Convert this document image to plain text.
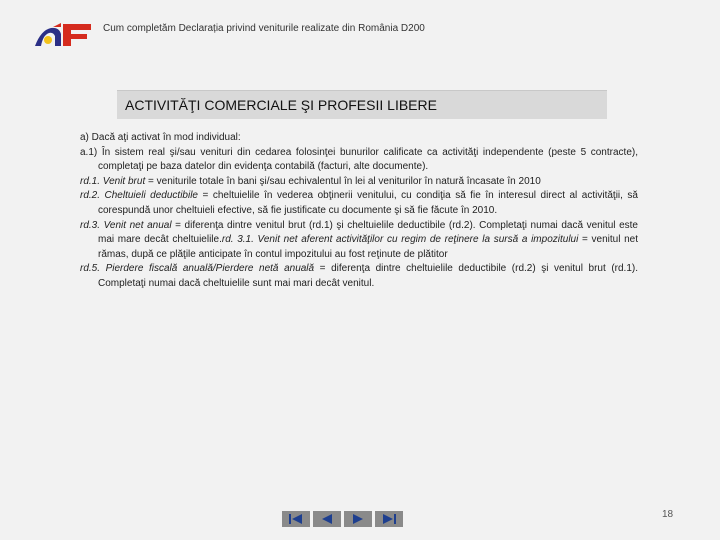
Cum completăm Declarația privind veniturile realizate din România D200
ACTIVITĂŢI COMERCIALE ŞI PROFESII LIBERE

a) Dacă aţi activat în mod individual:

a.1) În sistem real şi/sau venituri din cedarea folosinţei bunurilor calificate ca activităţi independente (peste 5 contracte), completaţi pe baza datelor din evidenţa contabilă (facturi, alte documente).

rd.1. Venit brut = veniturile totale în bani şi/sau echivalentul în lei al veniturilor în natură încasate în 2010

rd.2. Cheltuieli deductibile = cheltuielile în vederea obţinerii venitului, cu condiţia să fie în interesul direct al activităţii, să corespundă unor cheltuieli efective, să fie justificate cu documente şi să fie făcute în 2010.

rd.3. Venit net anual = diferenţa dintre venitul brut (rd.1) şi cheltuielile deductibile (rd.2). Completaţi numai dacă venitul este mai mare decât cheltuielile.rd. 3.1. Venit net aferent activităţilor cu regim de reţinere la sursă a impozitului = venitul net rămas, după ce plăţile anticipate în contul impozitului au fost reţinute de plătitor

rd.5. Pierdere fiscală anuală/Pierdere netă anuală = diferenţa dintre cheltuielile deductibile (rd.2) şi venitul brut (rd.1). Completaţi numai dacă cheltuielile sunt mai mari decât venitul.

18
